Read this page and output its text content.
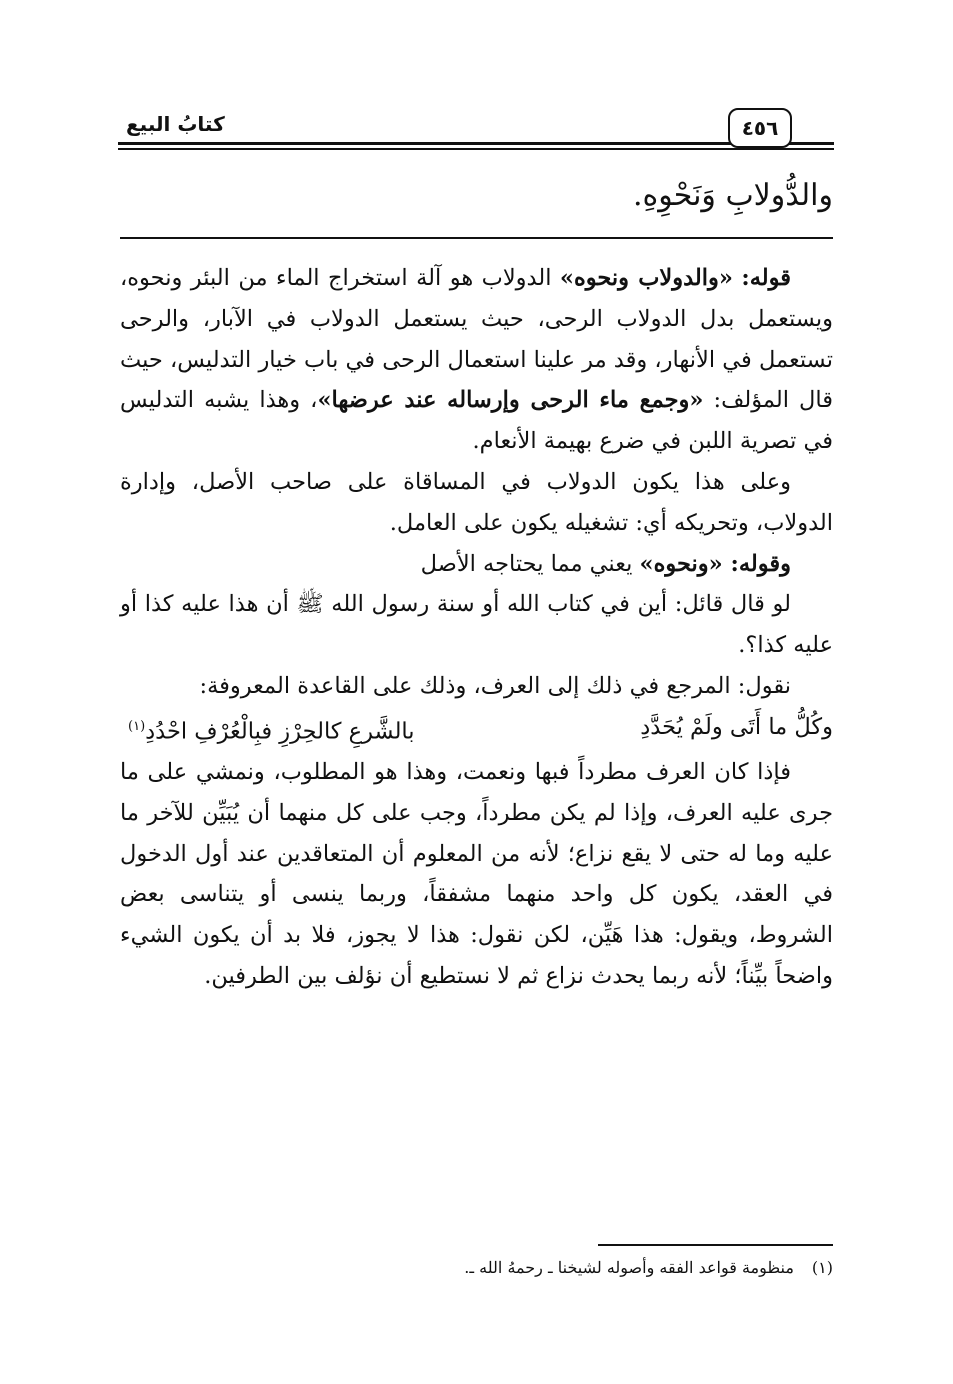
كتابُ البيع	٤٥٦
والدُّولابِ وَنَحْوِهِ.

قوله: «والدولاب ونحوه» الدولاب هو آلة استخراج الماء من البئر ونحوه، ويستعمل بدل الدولاب الرحى، حيث يستعمل الدولاب في الآبار، والرحى تستعمل في الأنهار، وقد مر علينا استعمال الرحى في باب خيار التدليس، حيث قال المؤلف: «وجمع ماء الرحى وإرساله عند عرضها»، وهذا يشبه التدليس في تصرية اللبن في ضرع بهيمة الأنعام.

وعلى هذا يكون الدولاب في المساقاة على صاحب الأصل، وإدارة الدولاب، وتحريكه أي: تشغيله يكون على العامل.

وقوله: «ونحوه» يعني مما يحتاجه الأصل

لو قال قائل: أين في كتاب الله أو سنة رسول الله ﷺ أن هذا عليه كذا أو عليه كذا؟.

نقول: المرجع في ذلك إلى العرف، وذلك على القاعدة المعروفة:

وكُلُّ ما أَتَى ولَمْ يُحَدَّدِ
بالشَّرعِ كالحِرْزِ فبِالْعُرْفِ احْدُدِ$^{(١)}$

فإذا كان العرف مطرداً فبها ونعمت، وهذا هو المطلوب، ونمشي على ما جرى عليه العرف، وإذا لم يكن مطرداً، وجب على كل منهما أن يُبَيِّن للآخر ما عليه وما له حتى لا يقع نزاع؛ لأنه من المعلوم أن المتعاقدين عند أول الدخول في العقد، يكون كل واحد منهما مشفقاً، وربما ينسى أو يتناسى بعض الشروط، ويقول: هذا هَيِّن، لكن نقول: هذا لا يجوز، فلا بد أن يكون الشيء واضحاً بيِّناً؛ لأنه ربما يحدث نزاع ثم لا نستطيع أن نؤلف بين الطرفين.

(١)منظومة قواعد الفقه وأصوله لشيخنا ـ رحمهُ الله ـ.
